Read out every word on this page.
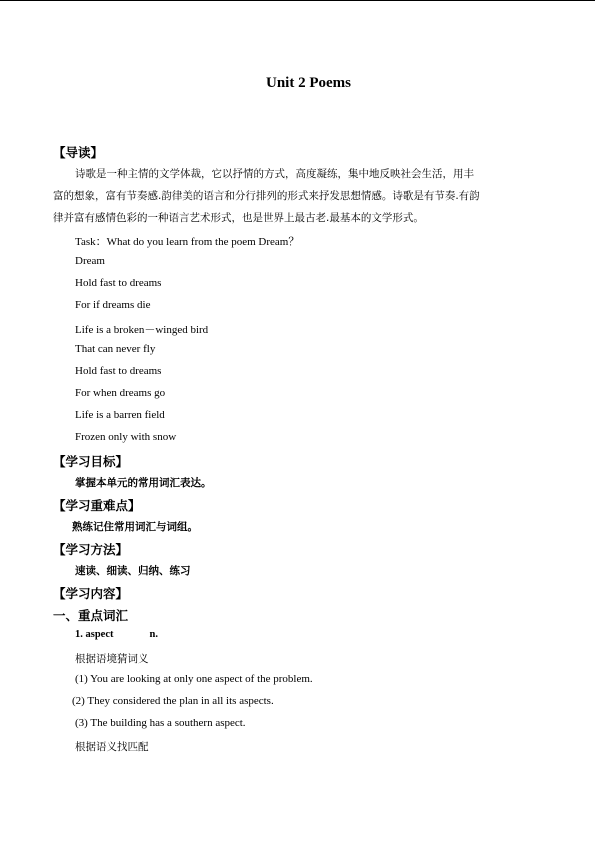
Unit 2 Poems
【导读】
诗歌是一种主情的文学体裁，它以抒情的方式，高度凝练，集中地反映社会生活，用丰
富的想象，富有节奏感.韵律美的语言和分行排列的形式来抒发思想情感。诗歌是有节奏.有韵
律并富有感情色彩的一种语言艺术形式，也是世界上最古老.最基本的文学形式。
Task：What do you learn from the poem Dream？
Dream
Hold fast to dreams
For if dreams die
Life is a broken－winged bird
That can never fly
Hold fast to dreams
For when dreams go
Life is a barren field
Frozen only with snow
【学习目标】
掌握本单元的常用词汇表达。
【学习重难点】
熟练记住常用词汇与词组。
【学习方法】
速读、细读、归纳、练习
【学习内容】
一、重点词汇
1. aspect	n.
根据语境猜词义
(1) You are looking at only one aspect of the problem.
(2) They considered the plan in all its aspects.
(3) The building has a southern aspect.
根据语义找匹配
